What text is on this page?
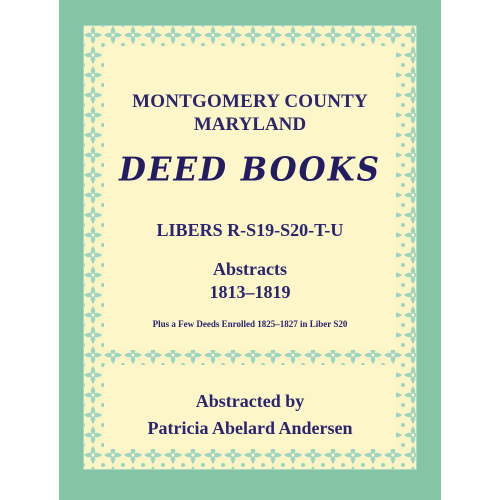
MONTGOMERY COUNTY
MARYLAND
DEED BOOKS
LIBERS R-S19-S20-T-U
Abstracts
1813–1819
Plus a Few Deeds Enrolled 1825–1827 in Liber S20
Abstracted by
Patricia Abelard Andersen
